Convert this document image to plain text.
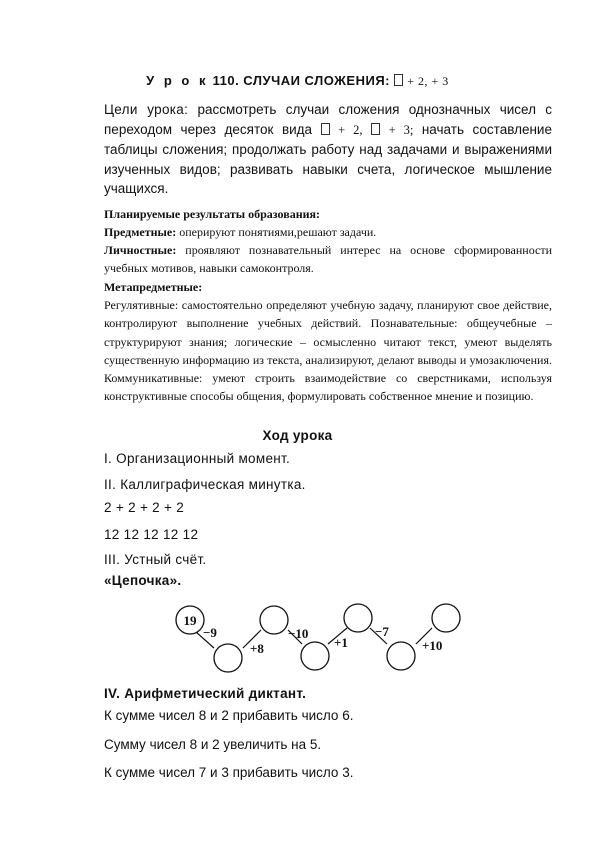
У р о к 110. СЛУЧАИ СЛОЖЕНИЯ: + 2, + 3
Цели урока: рассмотреть случаи сложения однозначных чисел с переходом через десяток вида + 2, + 3; начать составление таблицы сложения; продолжать работу над задачами и выражениями изученных видов; развивать навыки счета, логическое мышление учащихся.
Планируемые результаты образования:
Предметные: оперируют понятиями,решают задачи.
Личностные: проявляют познавательный интерес на основе сформированности учебных мотивов, навыки самоконтроля.
Метапредметные:
Регулятивные: самостоятельно определяют учебную задачу, планируют свое действие, контролируют выполнение учебных действий. Познавательные: общеучебные – структурируют знания; логические – осмысленно читают текст, умеют выделять существенную информацию из текста, анализируют, делают выводы и умозаключения. Коммуникативные: умеют строить взаимодействие со сверстниками, используя конструктивные способы общения, формулировать собственное мнение и позицию.
Ход урока
I. Организационный момент.
II. Каллиграфическая минутка.
2 + 2 + 2 + 2
12 12 12 12 12
III. Устный счёт.
«Цепочка».
19
−9
+8
−10
+1
−7
+10
IV. Арифметический диктант.
К сумме чисел 8 и 2 прибавить число 6.
Сумму чисел 8 и 2 увеличить на 5.
К сумме чисел 7 и 3 прибавить число 3.
